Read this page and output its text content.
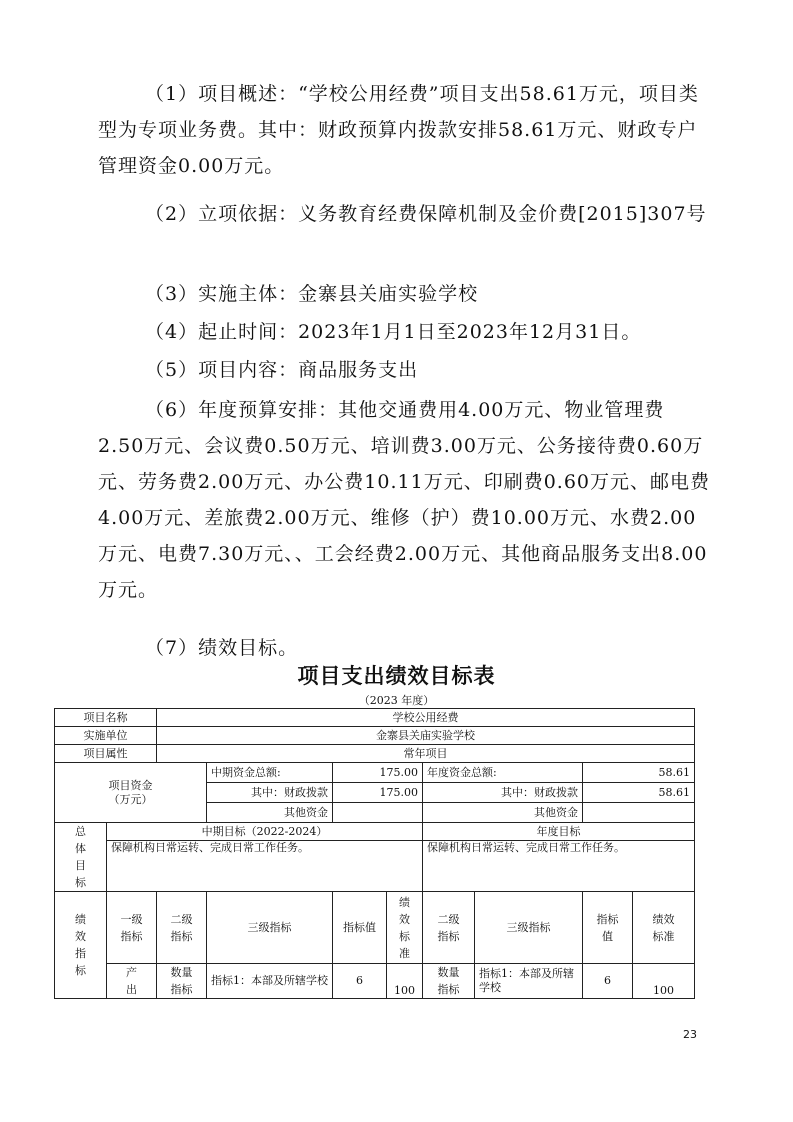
（1）项目概述：“学校公用经费”项目支出58.61万元，项目类型为专项业务费。其中：财政预算内拨款安排58.61万元、财政专户管理资金0.00万元。

（2）立项依据：义务教育经费保障机制及金价费[2015]307号

（3）实施主体：金寨县关庙实验学校

（4）起止时间：2023年1月1日至2023年12月31日。

（5）项目内容：商品服务支出

（6）年度预算安排：其他交通费用4.00万元、物业管理费2.50万元、会议费0.50万元、培训费3.00万元、公务接待费0.60万元、劳务费2.00万元、办公费10.11万元、印刷费0.60万元、邮电费4.00万元、差旅费2.00万元、维修（护）费10.00万元、水费2.00万元、电费7.30万元、、工会经费2.00万元、其他商品服务支出8.00万元。

（7）绩效目标。

项目支出绩效目标表
（2023 年度）
项目名称		学校公用经费							
实施单位		金寨县关庙实验学校							
项目属性		常年项目							

项目资金
（万元）			中期资金总额:	175.00		年度资金总额:		58.61	
			其中：财政拨款	175.00		其中：财政拨款		58.61	
			其他资金			其他资金			
总体目标	中期目标（2022-2024）					年度目标			
	保障机构日常运转、完成日常工作任务。					保障机构日常运转、完成日常工作任务。			
绩效指标	一级指标	二级指标	三级指标	指标值	绩效标准	二级指标	三级指标	指标值	绩效标准
	产出	数量指标	指标1：本部及所辖学校	6	100	数量指标	指标1：本部及所辖学校	6	100
23
